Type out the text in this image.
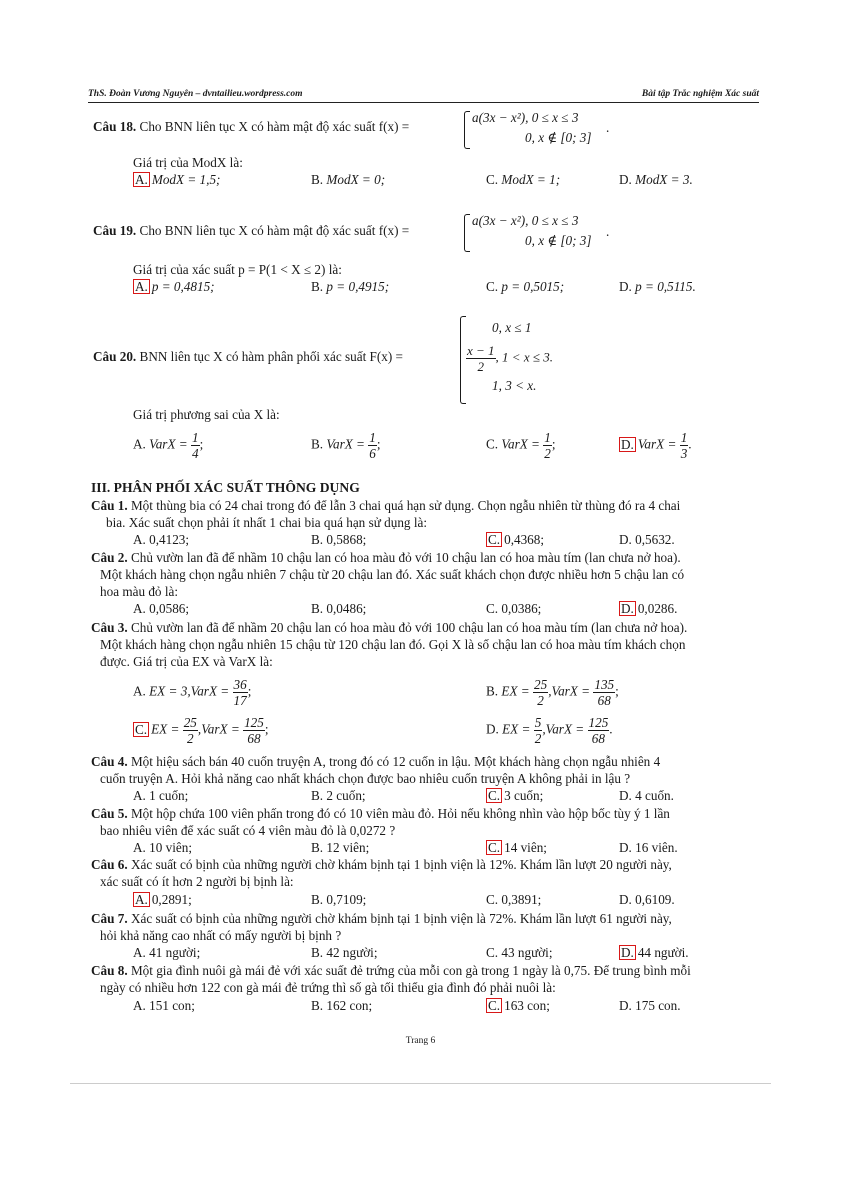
ThS. Đoàn Vương Nguyên – dvntailieu.wordpress.com	Bài tập Trắc nghiệm Xác suất
Câu 18. Cho BNN liên tục X có hàm mật độ xác suất f(x) =
a(3x − x²), 0 ≤ x ≤ 3
0, x ∉ [0; 3]
.
Giá trị của ModX là:
A. ModX = 1,5;	B. ModX = 0;	C. ModX = 1;	D. ModX = 3.
Câu 19. Cho BNN liên tục X có hàm mật độ xác suất f(x) =
a(3x − x²), 0 ≤ x ≤ 3
0, x ∉ [0; 3]
.
Giá trị của xác suất p = P(1 < X ≤ 2) là:
A. p = 0,4815;	B. p = 0,4915;	C. p = 0,5015;	D. p = 0,5115.
Câu 20. BNN liên tục X có hàm phân phối xác suất F(x) =
0, x ≤ 1
$\frac{x - 1}{2}$ , 1 < x ≤ 3.
1, 3 < x.
Giá trị phương sai của X là:
A. VarX = $\frac{1}{4}$ ;	B. VarX = $\frac{1}{6}$ ;	C. VarX = $\frac{1}{2}$ ;	D. VarX = $\frac{1}{3}$ .
III. PHÂN PHỐI XÁC SUẤT THÔNG DỤNG
Câu 1. Một thùng bia có 24 chai trong đó để lẫn 3 chai quá hạn sử dụng. Chọn ngẫu nhiên từ thùng đó ra 4 chai
bia. Xác suất chọn phải ít nhất 1 chai bia quá hạn sử dụng là:
A. 0,4123;	B. 0,5868;	C. 0,4368;	D. 0,5632.
Câu 2. Chủ vườn lan đã để nhầm 10 chậu lan có hoa màu đỏ với 10 chậu lan có hoa màu tím (lan chưa nở hoa).
Một khách hàng chọn ngẫu nhiên 7 chậu từ 20 chậu lan đó. Xác suất khách chọn được nhiều hơn 5 chậu lan có
hoa màu đỏ là:
A. 0,0586;	B. 0,0486;	C. 0,0386;	D. 0,0286.
Câu 3. Chủ vườn lan đã để nhầm 20 chậu lan có hoa màu đỏ với 100 chậu lan có hoa màu tím (lan chưa nở hoa).
Một khách hàng chọn ngẫu nhiên 15 chậu từ 120 chậu lan đó. Gọi X là số chậu lan có hoa màu tím khách chọn
được. Giá trị của EX và VarX là:
A. EX = 3,VarX = $\frac{36}{17}$ ;	B. EX = $\frac{25}{2}$ ,VarX = $\frac{135}{68}$ ;
C. EX = $\frac{25}{2}$ ,VarX = $\frac{125}{68}$ ;	D. EX = $\frac{5}{2}$ ,VarX = $\frac{125}{68}$ .
Câu 4. Một hiệu sách bán 40 cuốn truyện A, trong đó có 12 cuốn in lậu. Một khách hàng chọn ngẫu nhiên 4
cuốn truyện A. Hỏi khả năng cao nhất khách chọn được bao nhiêu cuốn truyện A không phải in lậu ?
A. 1 cuốn;	B. 2 cuốn;	C. 3 cuốn;	D. 4 cuốn.
Câu 5. Một hộp chứa 100 viên phấn trong đó có 10 viên màu đỏ. Hỏi nếu không nhìn vào hộp bốc tùy ý 1 lần
bao nhiêu viên để xác suất có 4 viên màu đỏ là 0,0272 ?
A. 10 viên;	B. 12 viên;	C. 14 viên;	D. 16 viên.
Câu 6. Xác suất có bịnh của những người chờ khám bịnh tại 1 bịnh viện là 12%. Khám lần lượt 20 người này,
xác suất có ít hơn 2 người bị bịnh là:
A. 0,2891;	B. 0,7109;	C. 0,3891;	D. 0,6109.
Câu 7. Xác suất có bịnh của những người chờ khám bịnh tại 1 bịnh viện là 72%. Khám lần lượt 61 người này,
hỏi khả năng cao nhất có mấy người bị bịnh ?
A. 41 người;	B. 42 người;	C. 43 người;	D. 44 người.
Câu 8. Một gia đình nuôi gà mái đẻ với xác suất đẻ trứng của mỗi con gà trong 1 ngày là 0,75. Để trung bình mỗi
ngày có nhiều hơn 122 con gà mái đẻ trứng thì số gà tối thiểu gia đình đó phải nuôi là:
A. 151 con;	B. 162 con;	C. 163 con;	D. 175 con.
Trang 6
